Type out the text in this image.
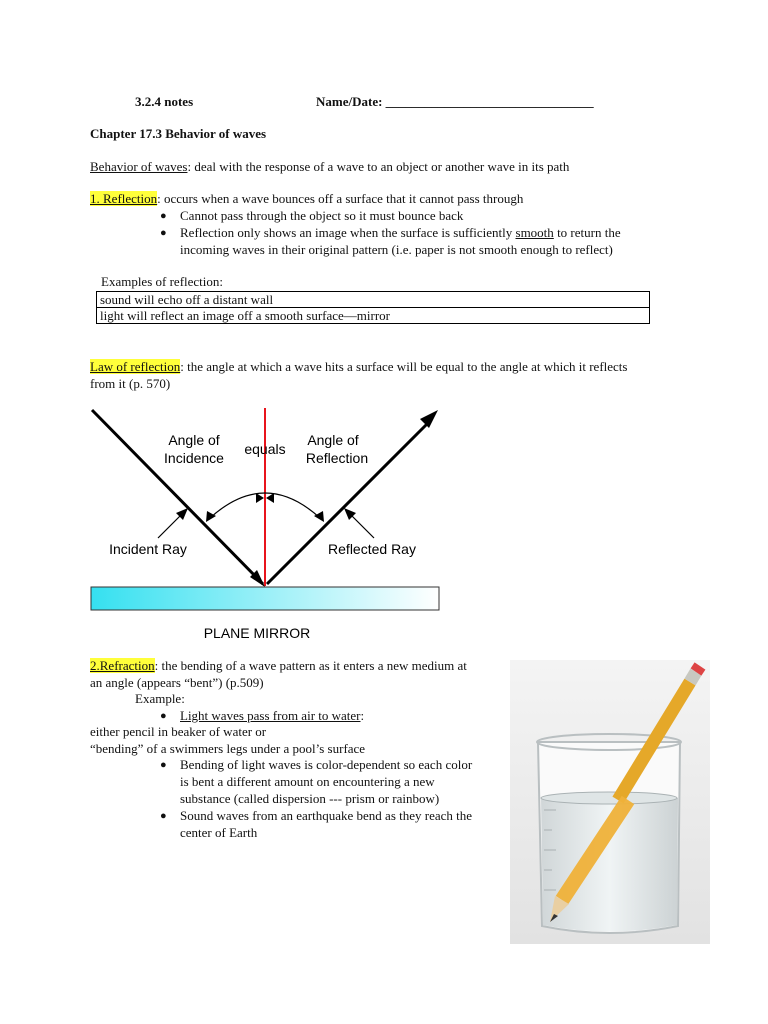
3.2.4 notes	Name/Date: ________________________________
Chapter 17.3 Behavior of waves
Behavior of waves: deal with the response of a wave to an object or another wave in its path
1. Reflection: occurs when a wave bounces off a surface that it cannot pass through
● Cannot pass through the object so it must bounce back
● Reflection only shows an image when the surface is sufficiently smooth to return the
incoming waves in their original pattern (i.e. paper is not smooth enough to reflect)
Examples of reflection:
sound will echo off a distant wall
light will reflect an image off a smooth surface—mirror
Law of reflection: the angle at which a wave hits a surface will be equal to the angle at which it reflects
from it (p. 570)
Angle of
Incidence
equals
Angle of
Reflection
Incident Ray	Reflected Ray
PLANE MIRROR
2.Refraction: the bending of a wave pattern as it enters a new medium at
an angle (appears “bent”) (p.509)
Example:
● Light waves pass from air to water:
either pencil in beaker of water or
“bending” of a swimmers legs under a pool’s surface
● Bending of light waves is color-dependent so each color
is bent a different amount on encountering a new
substance (called dispersion --- prism or rainbow)
● Sound waves from an earthquake bend as they reach the
center of Earth
